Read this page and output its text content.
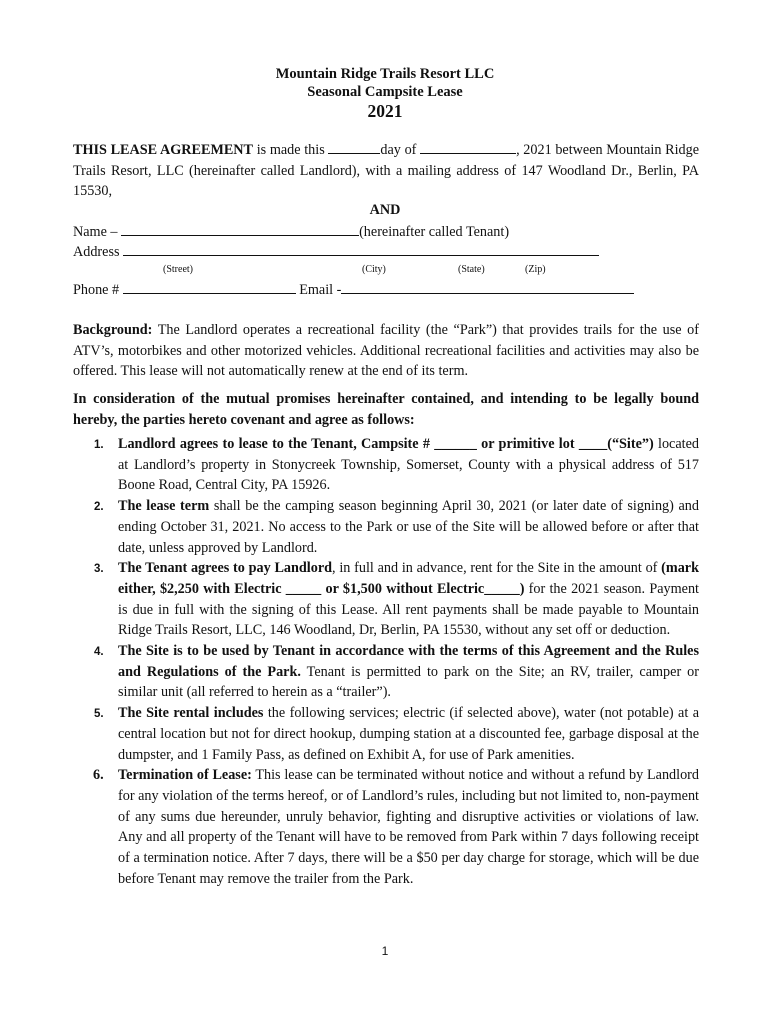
Mountain Ridge Trails Resort LLC
Seasonal Campsite Lease
2021
THIS LEASE AGREEMENT is made this	day of	, 2021 between Mountain Ridge Trails Resort, LLC (hereinafter called Landlord), with a mailing address of 147 Woodland Dr., Berlin, PA 15530,
AND
Name –	(hereinafter called Tenant)
Address
(Street)	(City)	(State)	(Zip)
Phone #	Email -
Background: The Landlord operates a recreational facility (the “Park”) that provides trails for the use of ATV’s, motorbikes and other motorized vehicles. Additional recreational facilities and activities may also be offered. This lease will not automatically renew at the end of its term.
In consideration of the mutual promises hereinafter contained, and intending to be legally bound hereby, the parties hereto covenant and agree as follows:
1. Landlord agrees to lease to the Tenant, Campsite # ______ or primitive lot ____(“Site”) located at Landlord’s property in Stonycreek Township, Somerset, County with a physical address of 517 Boone Road, Central City, PA 15926.
2. The lease term shall be the camping season beginning April 30, 2021 (or later date of signing) and ending October 31, 2021. No access to the Park or use of the Site will be allowed before or after that date, unless approved by Landlord.
3. The Tenant agrees to pay Landlord, in full and in advance, rent for the Site in the amount of (mark either, $2,250 with Electric _____ or $1,500 without Electric_____) for the 2021 season. Payment is due in full with the signing of this Lease. All rent payments shall be made payable to Mountain Ridge Trails Resort, LLC, 146 Woodland, Dr, Berlin, PA 15530, without any set off or deduction.
4. The Site is to be used by Tenant in accordance with the terms of this Agreement and the Rules and Regulations of the Park. Tenant is permitted to park on the Site; an RV, trailer, camper or similar unit (all referred to herein as a “trailer”).
5. The Site rental includes the following services; electric (if selected above), water (not potable) at a central location but not for direct hookup, dumping station at a discounted fee, garbage disposal at the dumpster, and 1 Family Pass, as defined on Exhibit A, for use of Park amenities.
6. Termination of Lease: This lease can be terminated without notice and without a refund by Landlord for any violation of the terms hereof, or of Landlord’s rules, including but not limited to, non-payment of any sums due hereunder, unruly behavior, fighting and disruptive activities or violations of law. Any and all property of the Tenant will have to be removed from Park within 7 days following receipt of a termination notice. After 7 days, there will be a $50 per day charge for storage, which will be due before Tenant may remove the trailer from the Park.
1
